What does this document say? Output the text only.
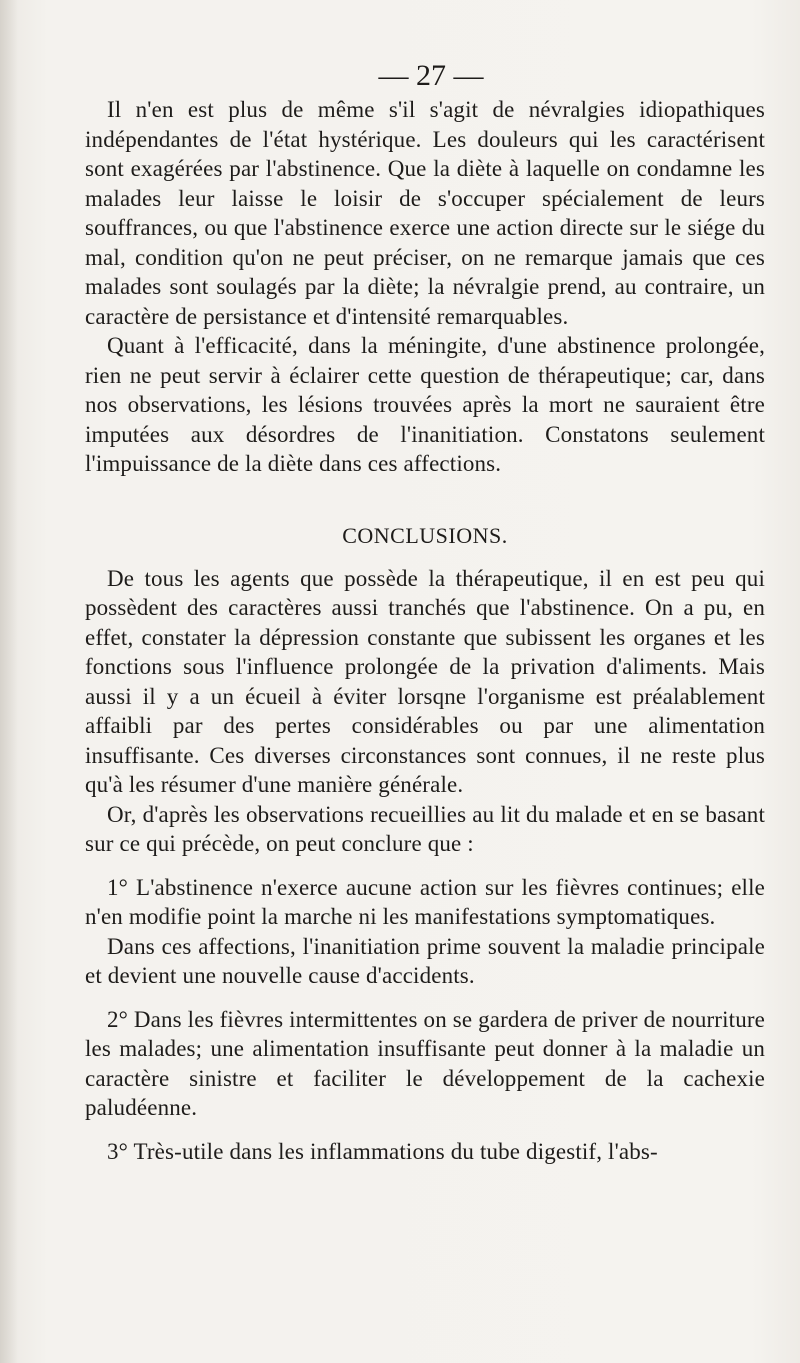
— 27 —

Il n'en est plus de même s'il s'agit de névralgies idiopathiques indépendantes de l'état hystérique. Les douleurs qui les caractérisent sont exagérées par l'abstinence. Que la diète à laquelle on condamne les malades leur laisse le loisir de s'occuper spécialement de leurs souffrances, ou que l'abstinence exerce une action directe sur le siége du mal, condition qu'on ne peut préciser, on ne remarque jamais que ces malades sont soulagés par la diète; la névralgie prend, au contraire, un caractère de persistance et d'intensité remarquables.

Quant à l'efficacité, dans la méningite, d'une abstinence prolongée, rien ne peut servir à éclairer cette question de thérapeutique; car, dans nos observations, les lésions trouvées après la mort ne sauraient être imputées aux désordres de l'inanitiation. Constatons seulement l'impuissance de la diète dans ces affections.

CONCLUSIONS.

De tous les agents que possède la thérapeutique, il en est peu qui possèdent des caractères aussi tranchés que l'abstinence. On a pu, en effet, constater la dépression constante que subissent les organes et les fonctions sous l'influence prolongée de la privation d'aliments. Mais aussi il y a un écueil à éviter lorsqne l'organisme est préalablement affaibli par des pertes considérables ou par une alimentation insuffisante. Ces diverses circonstances sont connues, il ne reste plus qu'à les résumer d'une manière générale.

Or, d'après les observations recueillies au lit du malade et en se basant sur ce qui précède, on peut conclure que :

1° L'abstinence n'exerce aucune action sur les fièvres continues; elle n'en modifie point la marche ni les manifestations symptomatiques.

Dans ces affections, l'inanitiation prime souvent la maladie principale et devient une nouvelle cause d'accidents.

2° Dans les fièvres intermittentes on se gardera de priver de nourriture les malades; une alimentation insuffisante peut donner à la maladie un caractère sinistre et faciliter le développement de la cachexie paludéenne.

3° Très-utile dans les inflammations du tube digestif, l'abs-
